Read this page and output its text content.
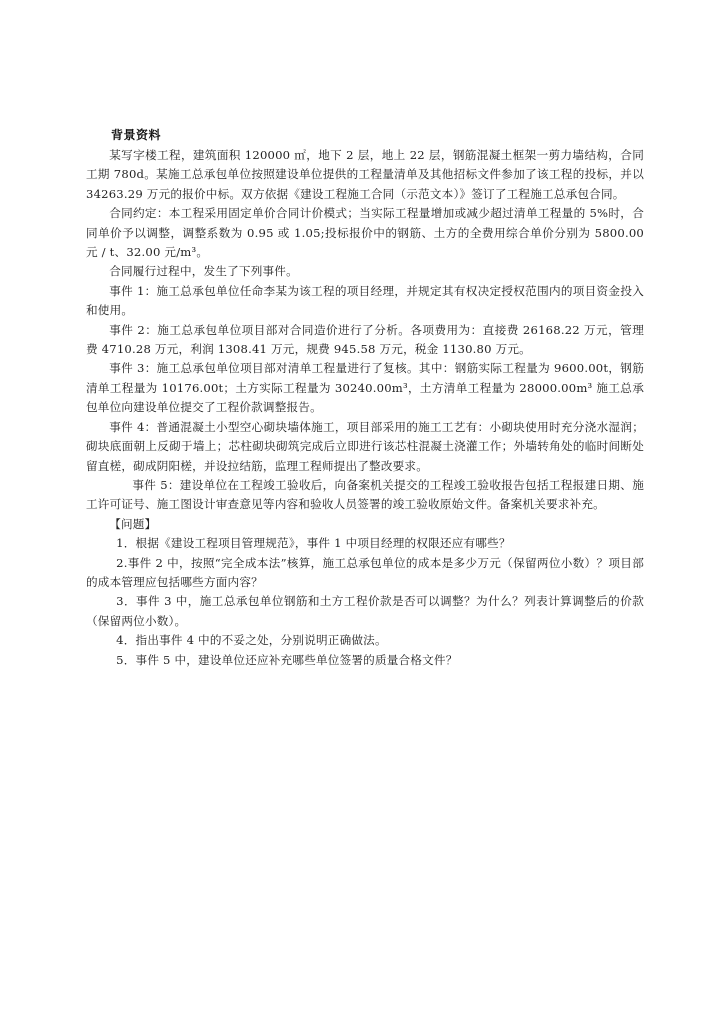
背景资料

某写字楼工程，建筑面积 120000 ㎡，地下 2 层，地上 22 层，钢筋混凝土框架一剪力墙结构，合同工期 780d。某施工总承包单位按照建设单位提供的工程量清单及其他招标文件参加了该工程的投标，并以 34263.29 万元的报价中标。双方依据《建设工程施工合同（示范文本）》签订了工程施工总承包合同。

合同约定：本工程采用固定单价合同计价模式；当实际工程量增加或减少超过清单工程量的 5%时，合同单价予以调整，调整系数为 0.95 或 1.05;投标报价中的钢筋、土方的全费用综合单价分别为 5800.00 元 / t、32.00 元/m³。

合同履行过程中，发生了下列事件。

事件 1：施工总承包单位任命李某为该工程的项目经理，并规定其有权决定授权范围内的项目资金投入和使用。

事件 2：施工总承包单位项目部对合同造价进行了分析。各项费用为：直接费 26168.22 万元，管理费 4710.28 万元，利润 1308.41 万元，规费 945.58 万元，税金 1130.80 万元。

事件 3：施工总承包单位项目部对清单工程量进行了复核。其中：钢筋实际工程量为 9600.00t，钢筋清单工程量为 10176.00t；土方实际工程量为 30240.00m³，土方清单工程量为 28000.00m³ 施工总承包单位向建设单位提交了工程价款调整报告。

事件 4：普通混凝土小型空心砌块墙体施工，项目部采用的施工工艺有：小砌块使用时充分浇水湿润；砌块底面朝上反砌于墙上；芯柱砌块砌筑完成后立即进行该芯柱混凝土浇灌工作；外墙转角处的临时间断处留直槎，砌成阴阳槎，并设拉结筋，监理工程师提出了整改要求。

事件 5：建设单位在工程竣工验收后，向备案机关提交的工程竣工验收报告包括工程报建日期、施工许可证号、施工图设计审查意见等内容和验收人员签署的竣工验收原始文件。备案机关要求补充。

【问题】

1．根据《建设工程项目管理规范》，事件 1 中项目经理的权限还应有哪些？

2.事件 2 中，按照“完全成本法”核算，施工总承包单位的成本是多少万元（保留两位小数）？项目部的成本管理应包括哪些方面内容？

3．事件 3 中，施工总承包单位钢筋和土方工程价款是否可以调整？为什么？列表计算调整后的价款（保留两位小数）。

4．指出事件 4 中的不妥之处，分别说明正确做法。

5．事件 5 中，建设单位还应补充哪些单位签署的质量合格文件？
